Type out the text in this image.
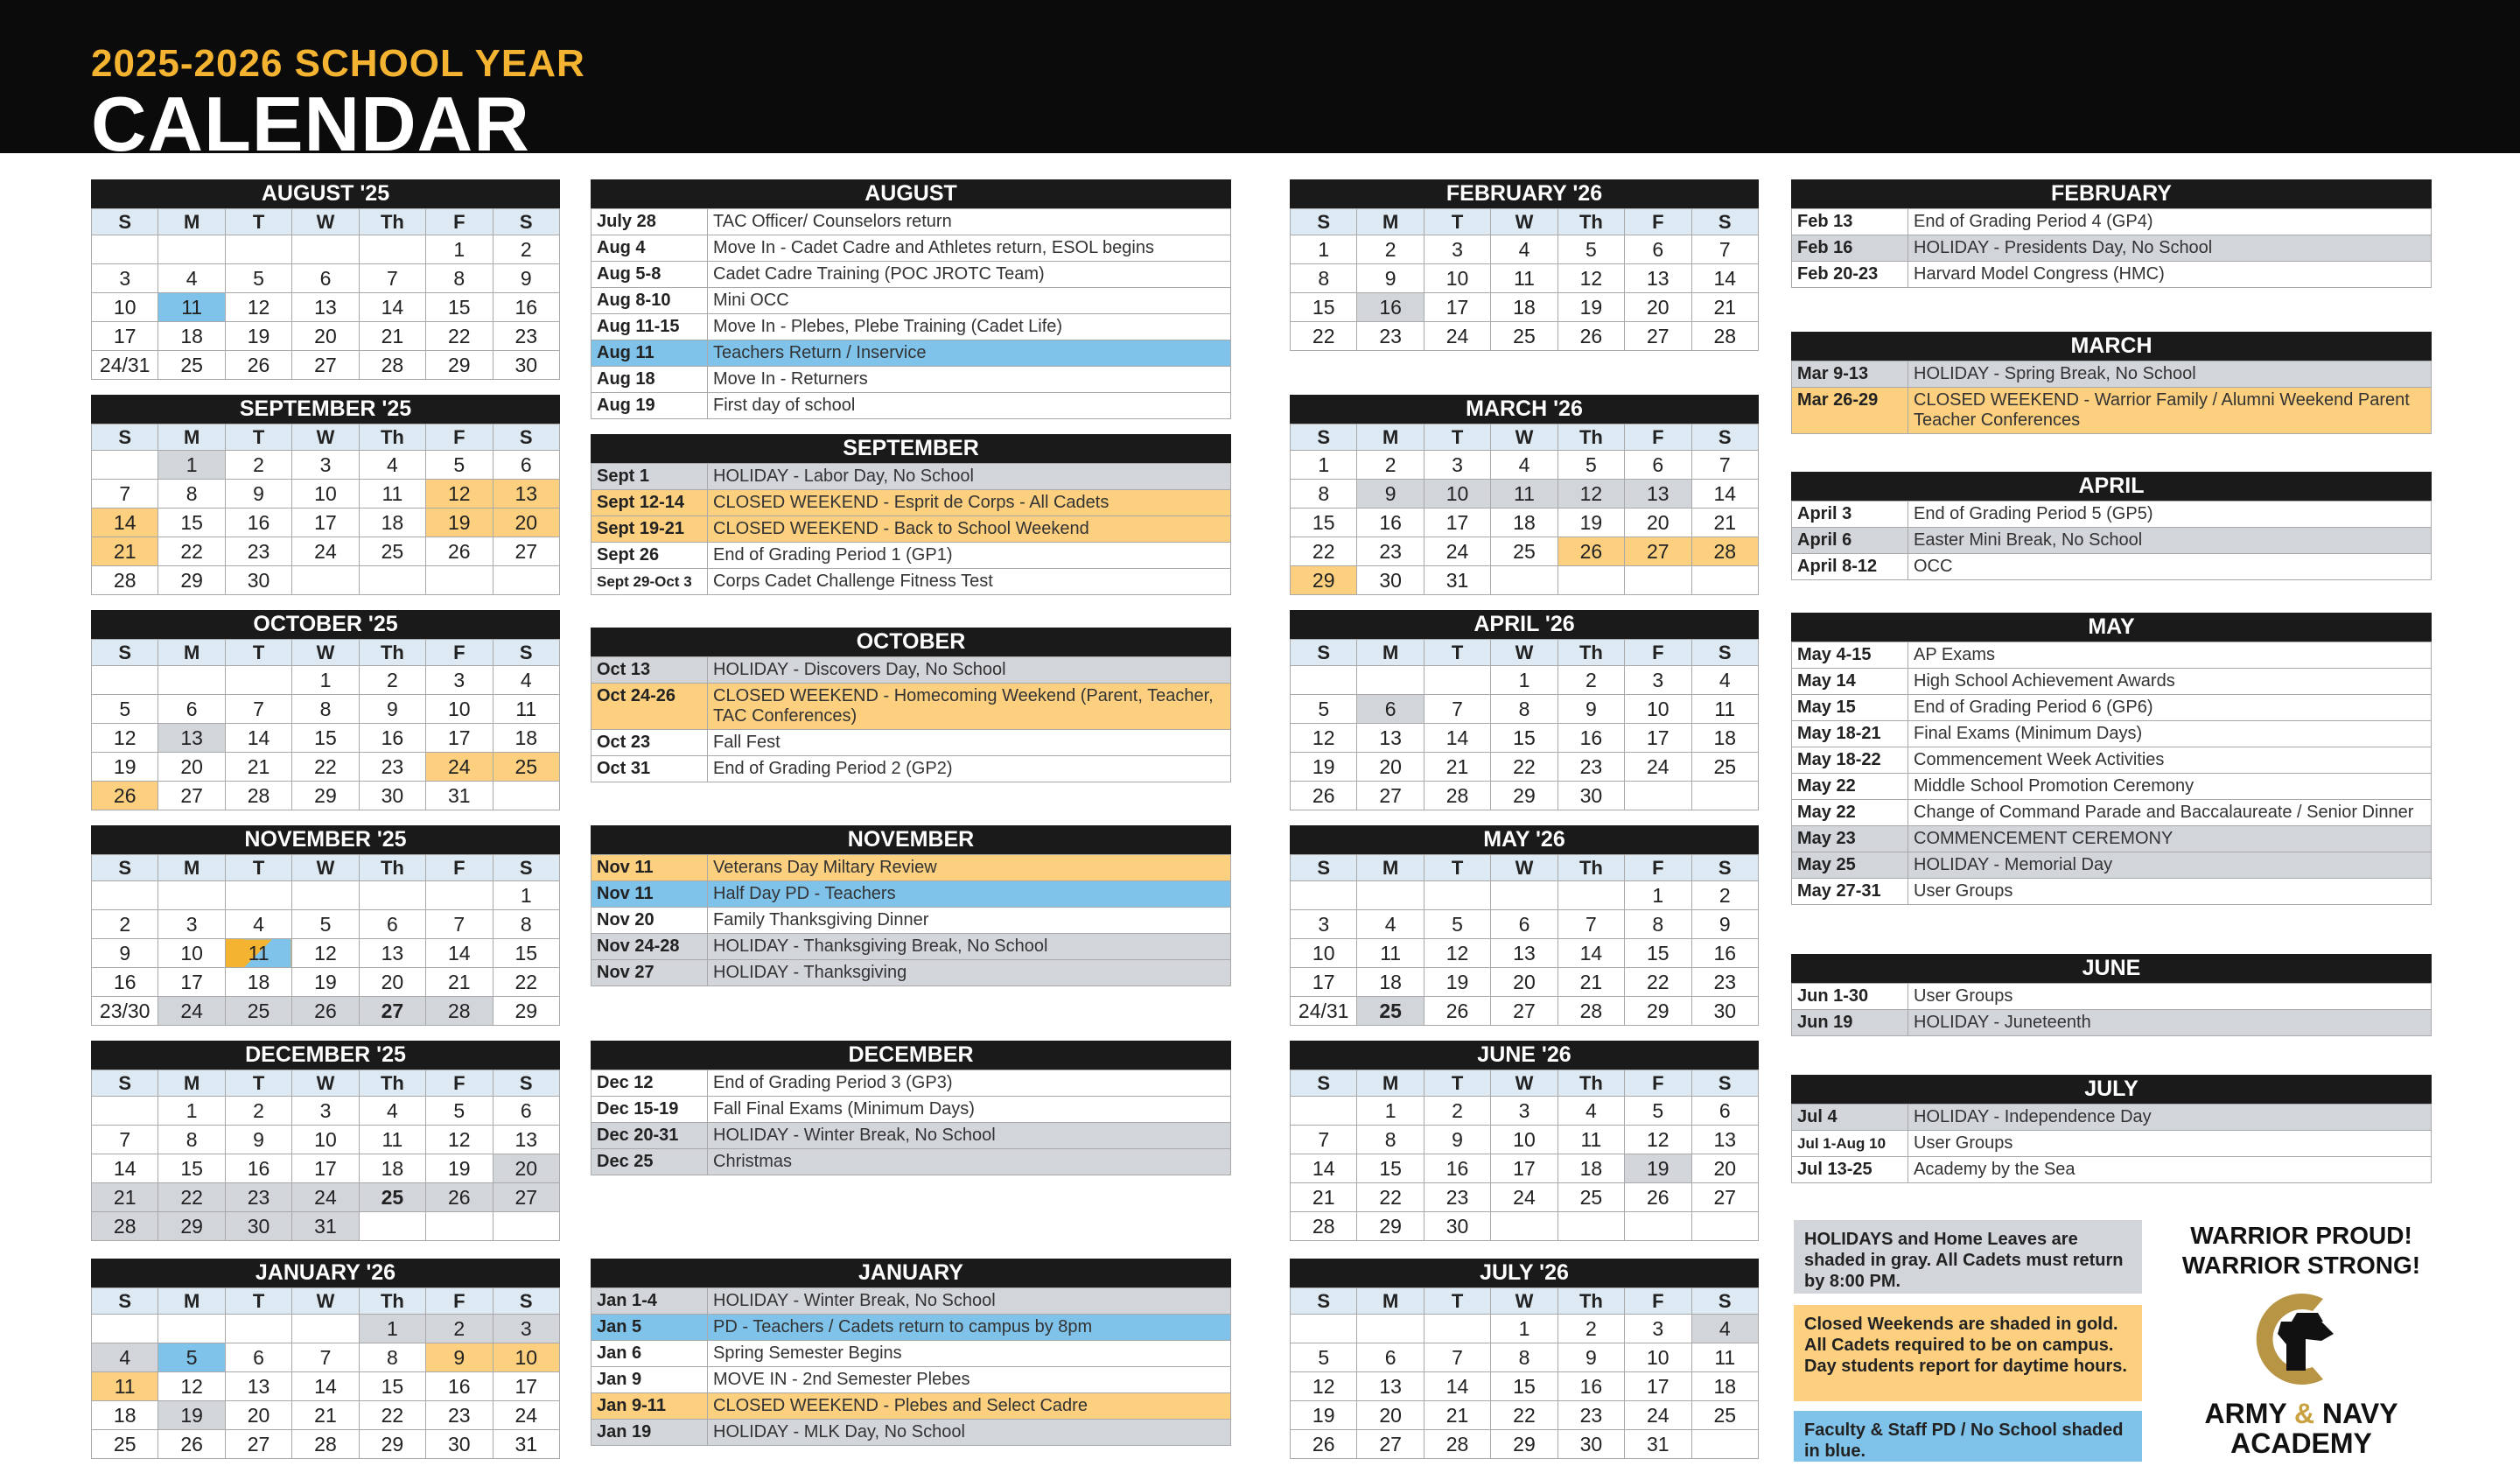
2025-2026 SCHOOL YEAR
CALENDAR
AUGUST '25
S	M	T	W	Th	F	S
					1	2
3	4	5	6	7	8	9
10	11	12	13	14	15	16
17	18	19	20	21	22	23
24/31	25	26	27	28	29	30
SEPTEMBER '25
S	M	T	W	Th	F	S
	1	2	3	4	5	6
7	8	9	10	11	12	13
14	15	16	17	18	19	20
21	22	23	24	25	26	27
28	29	30				
OCTOBER '25
S	M	T	W	Th	F	S
			1	2	3	4
5	6	7	8	9	10	11
12	13	14	15	16	17	18
19	20	21	22	23	24	25
26	27	28	29	30	31	
NOVEMBER '25
S	M	T	W	Th	F	S
						1
2	3	4	5	6	7	8
9	10	11	12	13	14	15
16	17	18	19	20	21	22
23/30	24	25	26	27	28	29
DECEMBER '25
S	M	T	W	Th	F	S
	1	2	3	4	5	6
7	8	9	10	11	12	13
14	15	16	17	18	19	20
21	22	23	24	25	26	27
28	29	30	31			
JANUARY '26
S	M	T	W	Th	F	S
				1	2	3
4	5	6	7	8	9	10
11	12	13	14	15	16	17
18	19	20	21	22	23	24
25	26	27	28	29	30	31
FEBRUARY '26
S	M	T	W	Th	F	S
1	2	3	4	5	6	7
8	9	10	11	12	13	14
15	16	17	18	19	20	21
22	23	24	25	26	27	28
MARCH '26
S	M	T	W	Th	F	S
1	2	3	4	5	6	7
8	9	10	11	12	13	14
15	16	17	18	19	20	21
22	23	24	25	26	27	28
29	30	31				
APRIL '26
S	M	T	W	Th	F	S
			1	2	3	4
5	6	7	8	9	10	11
12	13	14	15	16	17	18
19	20	21	22	23	24	25
26	27	28	29	30		
MAY '26
S	M	T	W	Th	F	S
					1	2
3	4	5	6	7	8	9
10	11	12	13	14	15	16
17	18	19	20	21	22	23
24/31	25	26	27	28	29	30
JUNE '26
S	M	T	W	Th	F	S
	1	2	3	4	5	6
7	8	9	10	11	12	13
14	15	16	17	18	19	20
21	22	23	24	25	26	27
28	29	30				
JULY '26
S	M	T	W	Th	F	S
			1	2	3	4
5	6	7	8	9	10	11
12	13	14	15	16	17	18
19	20	21	22	23	24	25
26	27	28	29	30	31	
AUGUST
July 28	TAC Officer/ Counselors return
Aug 4	Move In - Cadet Cadre and Athletes return, ESOL begins
Aug 5-8	Cadet Cadre Training (POC JROTC Team)
Aug 8-10	Mini OCC
Aug 11-15	Move In - Plebes, Plebe Training (Cadet Life)
Aug 11	Teachers Return / Inservice
Aug 18	Move In - Returners
Aug 19	First day of school
SEPTEMBER
Sept 1	HOLIDAY - Labor Day, No School
Sept 12-14	CLOSED WEEKEND - Esprit de Corps - All Cadets
Sept 19-21	CLOSED WEEKEND - Back to School Weekend
Sept 26	End of Grading Period 1 (GP1)
Sept 29-Oct 3	Corps Cadet Challenge Fitness Test
OCTOBER
Oct 13	HOLIDAY - Discovers Day, No School
Oct 24-26	CLOSED WEEKEND - Homecoming Weekend (Parent, Teacher, TAC Conferences)
Oct 23	Fall Fest
Oct 31	End of Grading Period 2 (GP2)
NOVEMBER
Nov 11	Veterans Day Miltary Review
Nov 11	Half Day PD - Teachers
Nov 20	Family Thanksgiving Dinner
Nov 24-28	HOLIDAY - Thanksgiving Break, No School
Nov 27	HOLIDAY - Thanksgiving
DECEMBER
Dec 12	End of Grading Period 3 (GP3)
Dec 15-19	Fall Final Exams (Minimum Days)
Dec 20-31	HOLIDAY - Winter Break, No School
Dec 25	Christmas
JANUARY
Jan 1-4	HOLIDAY - Winter Break, No School
Jan 5	PD - Teachers / Cadets return to campus by 8pm
Jan 6	Spring Semester Begins
Jan 9	MOVE IN - 2nd Semester Plebes
Jan 9-11	CLOSED WEEKEND - Plebes and Select Cadre
Jan 19	HOLIDAY - MLK Day, No School
FEBRUARY
Feb 13	End of Grading Period 4 (GP4)
Feb 16	HOLIDAY - Presidents Day, No School
Feb 20-23	Harvard Model Congress (HMC)
MARCH
Mar 9-13	HOLIDAY - Spring Break, No School
Mar 26-29	CLOSED WEEKEND - Warrior Family / Alumni Weekend Parent Teacher Conferences
APRIL
April 3	End of Grading Period 5 (GP5)
April 6	Easter Mini Break, No School
April 8-12	OCC
MAY
May 4-15	AP Exams
May 14	High School Achievement Awards
May 15	End of Grading Period 6 (GP6)
May 18-21	Final Exams (Minimum Days)
May 18-22	Commencement Week Activities
May 22	Middle School Promotion Ceremony
May 22	Change of Command Parade and Baccalaureate / Senior Dinner
May 23	COMMENCEMENT CEREMONY
May 25	HOLIDAY - Memorial Day
May 27-31	User Groups
JUNE
Jun 1-30	User Groups
Jun 19	HOLIDAY - Juneteenth
JULY
Jul 4	HOLIDAY - Independence Day
Jul 1-Aug 10	User Groups
Jul 13-25	Academy by the Sea
HOLIDAYS and Home Leaves are shaded in gray. All Cadets must return by 8:00 PM.
Closed Weekends are shaded in gold. All Cadets required to be on campus. Day students report for daytime hours.
Faculty & Staff PD / No School shaded in blue.
WARRIOR PROUD!
WARRIOR STRONG!
ARMY & NAVY
ACADEMY
